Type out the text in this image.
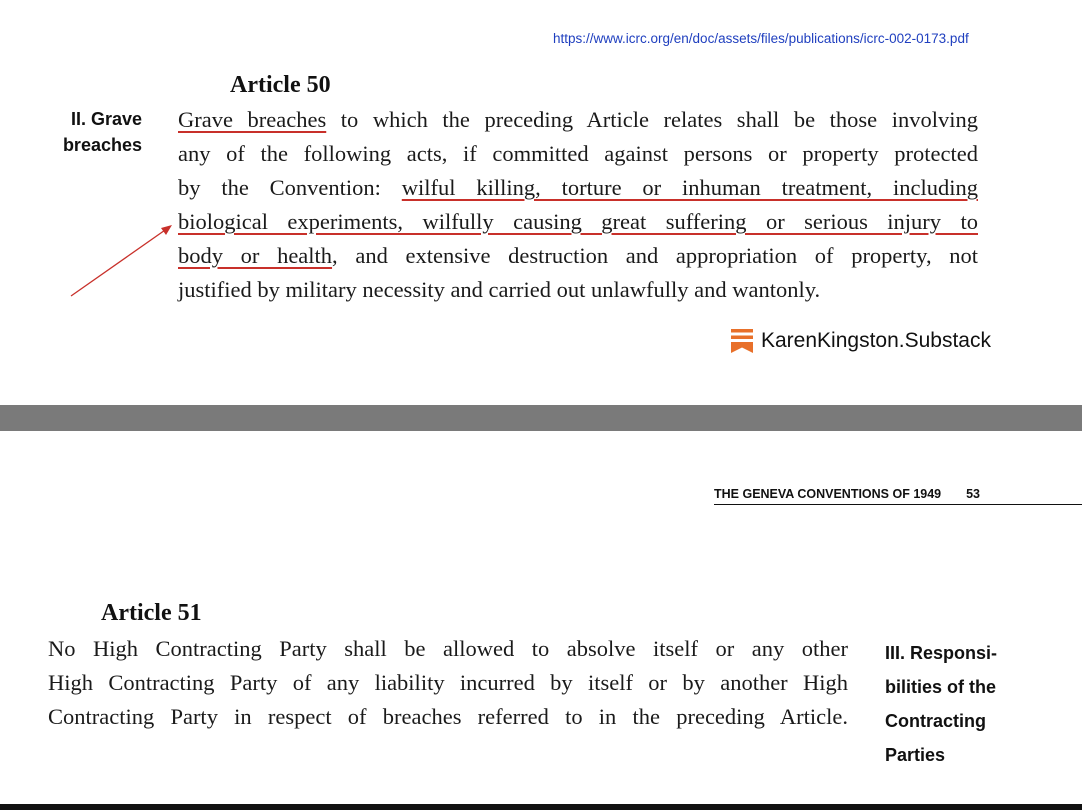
https://www.icrc.org/en/doc/assets/files/publications/icrc-002-0173.pdf
Article 50
II. Grave
breaches
Grave breaches to which the preceding Article relates shall be those involving
any of the following acts, if committed against persons or property protected
by the Convention: wilful killing, torture or inhuman treatment, including
biological experiments, wilfully causing great suffering or serious injury to
body or health, and extensive destruction and appropriation of property, not
justified by military necessity and carried out unlawfully and wantonly.
KarenKingston.Substack
THE GENEVA CONVENTIONS OF 1949 53
Article 51
No High Contracting Party shall be allowed to absolve itself or any other
High Contracting Party of any liability incurred by itself or by another High
Contracting Party in respect of breaches referred to in the preceding Article.
III. Responsi-
bilities of the
Contracting
Parties
